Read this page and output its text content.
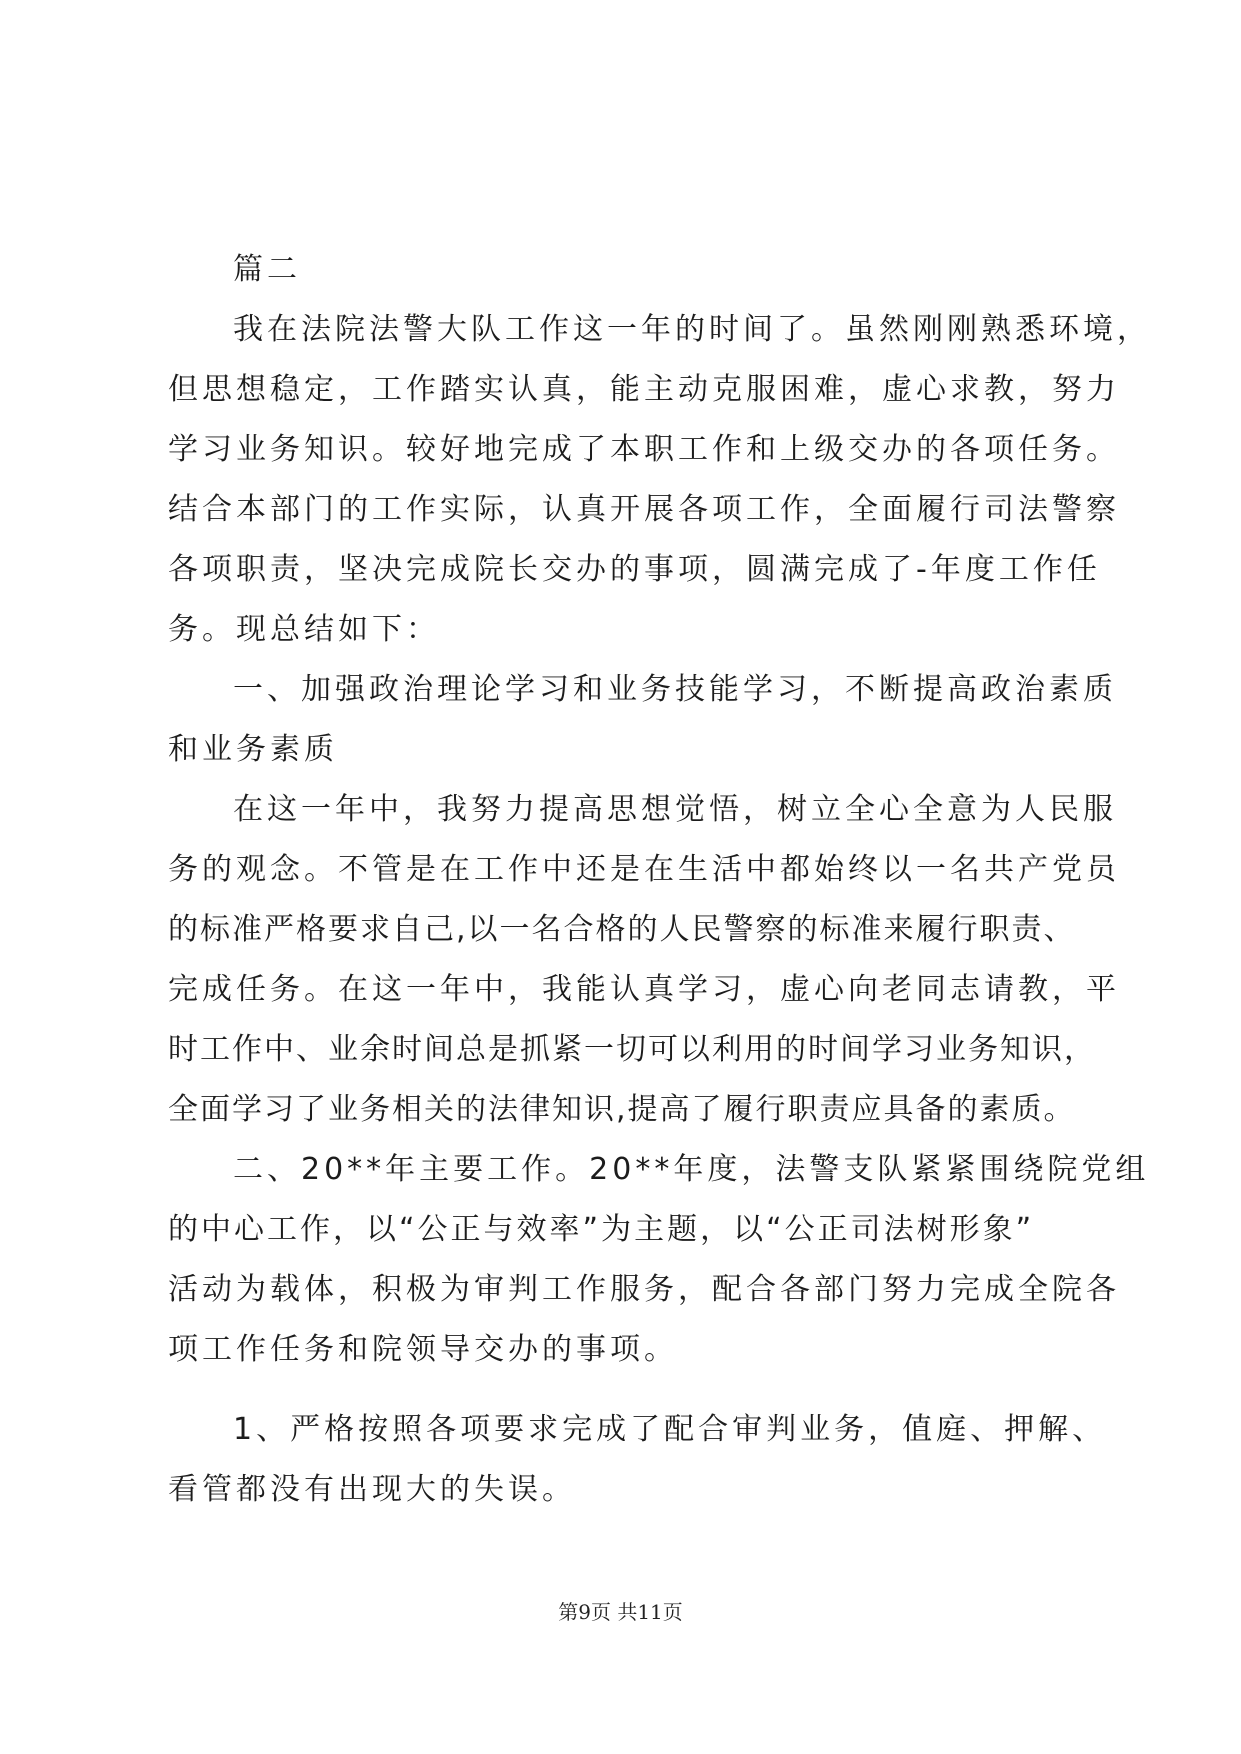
篇二
我在法院法警大队工作这一年的时间了。虽然刚刚熟悉环境，
但思想稳定，工作踏实认真，能主动克服困难，虚心求教，努力
学习业务知识。较好地完成了本职工作和上级交办的各项任务。
结合本部门的工作实际，认真开展各项工作，全面履行司法警察
各项职责，坚决完成院长交办的事项，圆满完成了-年度工作任
务。现总结如下：
一、加强政治理论学习和业务技能学习，不断提高政治素质
和业务素质
在这一年中，我努力提高思想觉悟，树立全心全意为人民服
务的观念。不管是在工作中还是在生活中都始终以一名共产党员
的标准严格要求自己,以一名合格的人民警察的标准来履行职责、
完成任务。在这一年中，我能认真学习，虚心向老同志请教，平
时工作中、业余时间总是抓紧一切可以利用的时间学习业务知识，
全面学习了业务相关的法律知识,提高了履行职责应具备的素质。
二、20**年主要工作。20**年度，法警支队紧紧围绕院党组
的中心工作，以“公正与效率”为主题，以“公正司法树形象”
活动为载体，积极为审判工作服务，配合各部门努力完成全院各
项工作任务和院领导交办的事项。
1、严格按照各项要求完成了配合审判业务，值庭、押解、
看管都没有出现大的失误。
第9页 共11页
